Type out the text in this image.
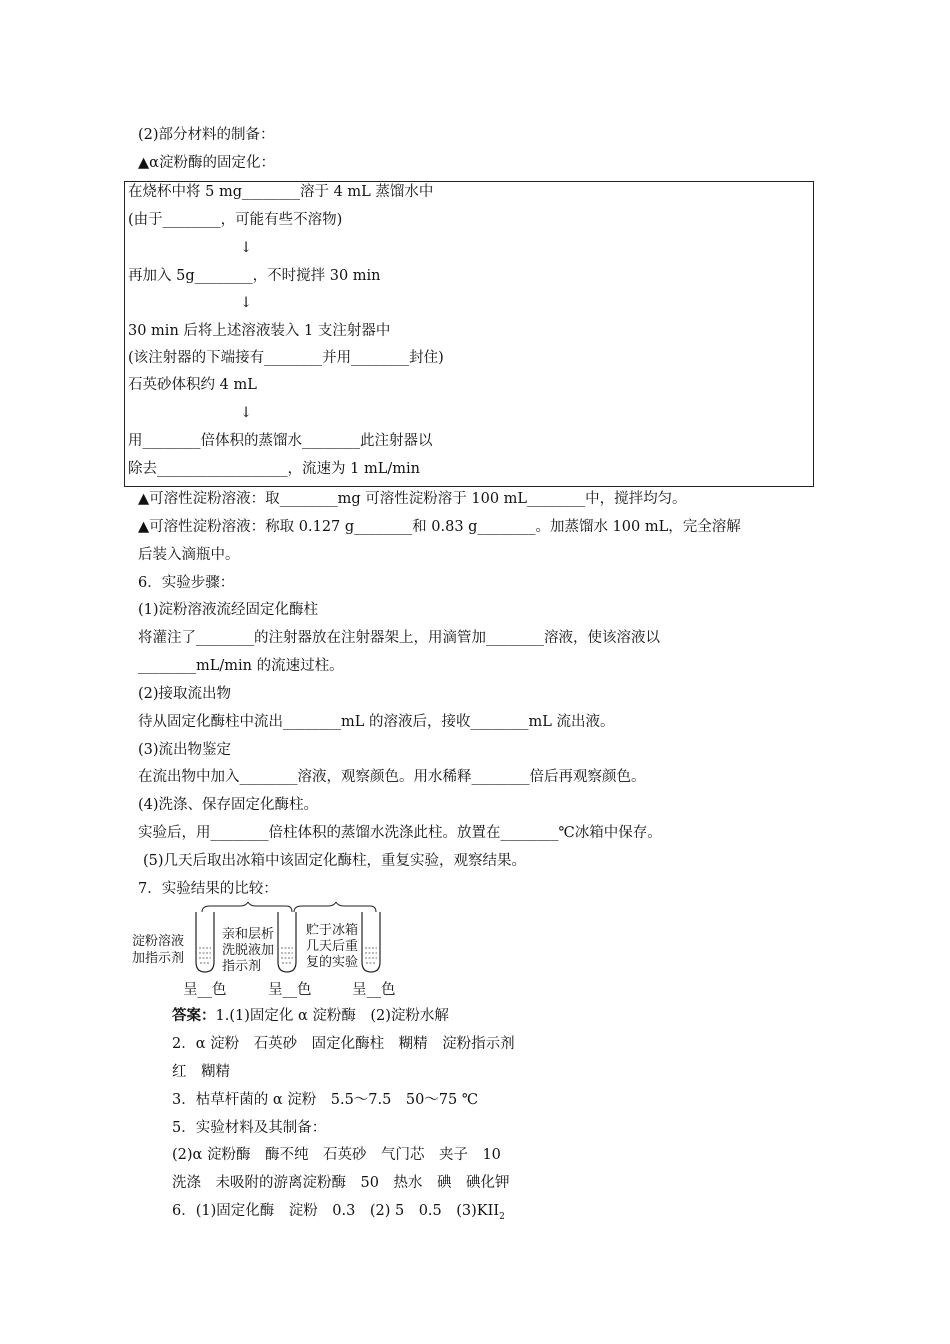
(2)部分材料的制备：
▲α淀粉酶的固定化：
在烧杯中将 5 mg________溶于 4 mL 蒸馏水中
(由于________，可能有些不溶物)
↓
再加入 5g________，不时搅拌 30 min
↓
30 min 后将上述溶液装入 1 支注射器中
(该注射器的下端接有________并用________封住)
石英砂体积约 4 mL
↓
用________倍体积的蒸馏水________此注射器以
除去__________________，流速为 1 mL/min
▲可溶性淀粉溶液：取________mg 可溶性淀粉溶于 100 mL________中，搅拌均匀。
▲可溶性淀粉溶液：称取 0.127 g________和 0.83 g________。加蒸馏水 100 mL，完全溶解
后装入滴瓶中。
6．实验步骤：
(1)淀粉溶液流经固定化酶柱
将灌注了________的注射器放在注射器架上，用滴管加________溶液，使该溶液以
________mL/min 的流速过柱。
(2)接取流出物
待从固定化酶柱中流出________mL 的溶液后，接收________mL 流出液。
(3)流出物鉴定
在流出物中加入________溶液，观察颜色。用水稀释________倍后再观察颜色。
(4)洗涤、保存固定化酶柱。
实验后，用________倍柱体积的蒸馏水洗涤此柱。放置在________℃冰箱中保存。
(5)几天后取出冰箱中该固定化酶柱，重复实验，观察结果。
7．实验结果的比较：
淀粉溶液
加指示剂
亲和层析
洗脱液加
指示剂
贮于冰箱
几天后重
复的实验
呈__色	呈__色	呈__色
答案：1.(1)固定化 α 淀粉酶　(2)淀粉水解
2．α 淀粉　石英砂　固定化酶柱　糊精　淀粉指示剂
红　糊精
3．枯草杆菌的 α 淀粉　5.5～7.5　50～75 ℃
5．实验材料及其制备：
(2)α 淀粉酶　酶不纯　石英砂　气门芯　夹子　10
洗涤　未吸附的游离淀粉酶　50　热水　碘　碘化钾
6．(1)固定化酶　淀粉　0.3　(2) 5　0.5　$(3)KII_2$
